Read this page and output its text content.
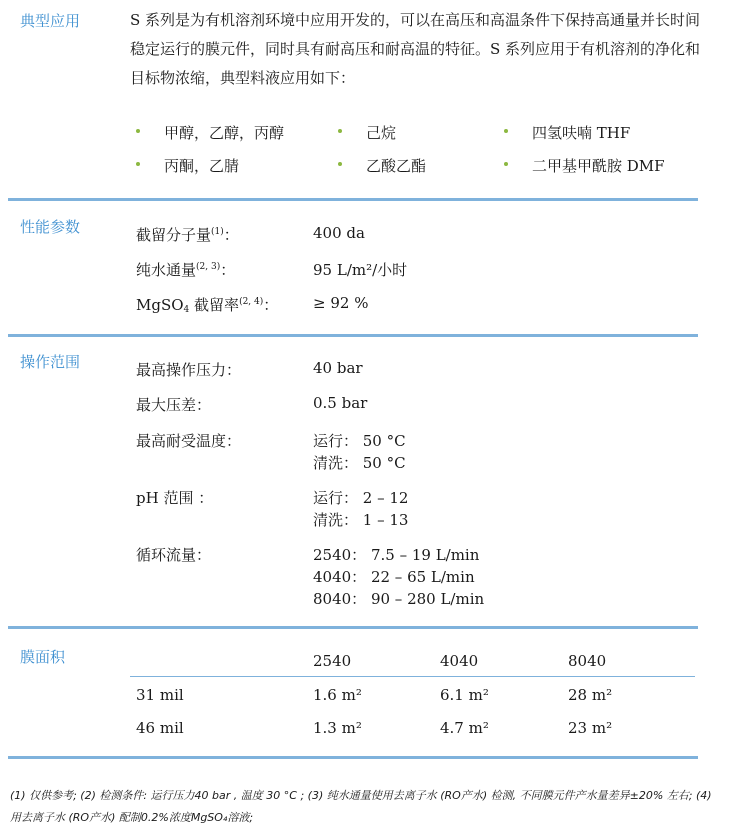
典型应用	S 系列是为有机溶剂环境中应用开发的，可以在高压和高温条件下保持高通量并长时间稳定运行的膜元件，同时具有耐高压和耐高温的特征。S 系列应用于有机溶剂的净化和目标物浓缩，典型料液应用如下：
甲醇，乙醇，丙醇	己烷	四氢呋喃 THF
丙酮，乙腈	乙酸乙酯	二甲基甲酰胺 DMF
性能参数	截留分子量$^{(1)}$：	400 da
纯水通量$^{(2, 3)}$：	95 L/m²/小时
MgSO$_4$ 截留率$^{(2, 4)}$： ≥ 92 %
操作范围	最高操作压力：	40 bar
最大压差：	0.5 bar
最高耐受温度：	运行： 50 °C
清洗： 50 °C
pH 范围 ：	运行： 2 – 12
清洗： 1 – 13
循环流量：	2540： 7.5 – 19 L/min
4040： 22 – 65 L/min
8040： 90 – 280 L/min
膜面积	2540	4040	8040
31 mil	1.6 m²	6.1 m²	28 m²
46 mil	1.3 m²	4.7 m²	23 m²
(1) 仅供参考; (2) 检测条件: 运行压力40 bar , 温度 30 °C ; (3) 纯水通量使用去离子水 (RO产水) 检测, 不同膜元件产水量差异±20% 左右; (4) 用去离子水 (RO产水) 配制0.2%浓度MgSO₄溶液;
